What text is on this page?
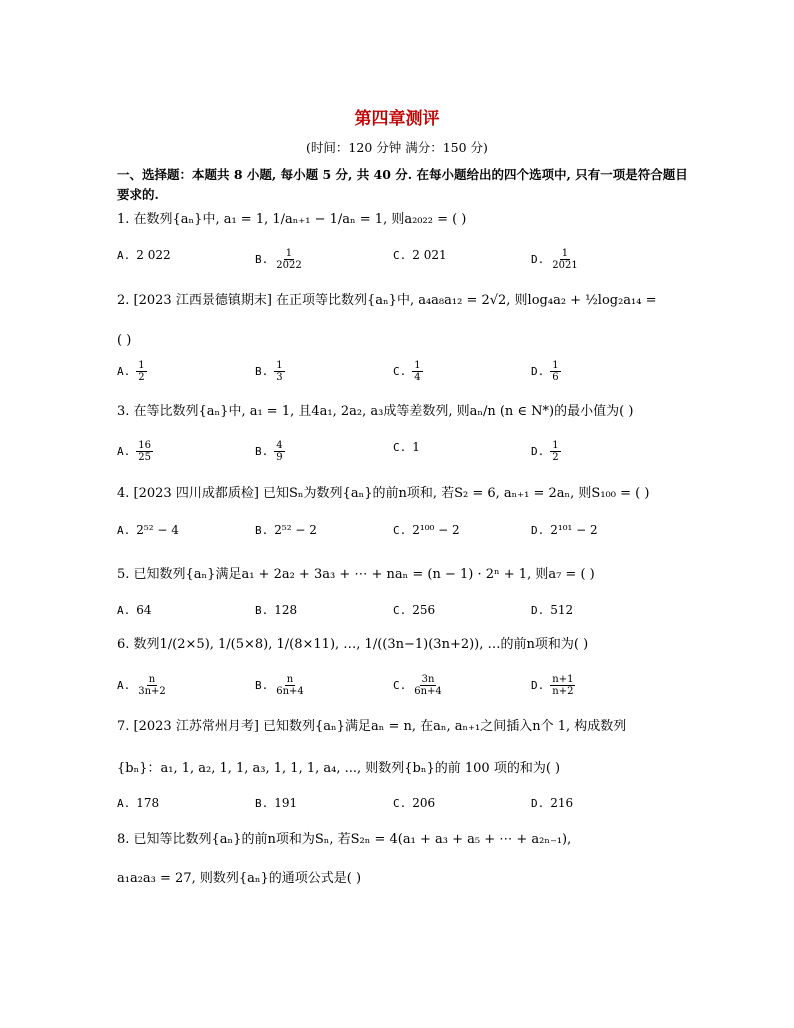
第四章测评
(时间：120 分钟 满分：150 分)
一、选择题：本题共 8 小题, 每小题 5 分, 共 40 分. 在每小题给出的四个选项中, 只有一项是符合题目要求的.
1. 在数列{aₙ}中, a₁ = 1, 1/aₙ₊₁ − 1/aₙ = 1, 则a₂₀₂₂ = ( )
A. 2 022	B. $\frac{1}{2022}$	C. 2 021	D. $\frac{1}{2021}$
2. [2023 江西景德镇期末] 在正项等比数列{aₙ}中, a₄a₈a₁₂ = 2√2, 则log₄a₂ + ½log₂a₁₄ =
( )
A. $\frac{1}{2}$	B. $\frac{1}{3}$	C. $\frac{1}{4}$	D. $\frac{1}{6}$
3. 在等比数列{aₙ}中, a₁ = 1, 且4a₁, 2a₂, a₃成等差数列, 则aₙ/n (n ∈ N*)的最小值为( )
A. $\frac{16}{25}$	B. $\frac{4}{9}$	C. 1	D. $\frac{1}{2}$
4. [2023 四川成都质检] 已知Sₙ为数列{aₙ}的前n项和, 若S₂ = 6, aₙ₊₁ = 2aₙ, 则S₁₀₀ = ( )
A. 2⁵² − 4	B. 2⁵² − 2	C. 2¹⁰⁰ − 2	D. 2¹⁰¹ − 2
5. 已知数列{aₙ}满足a₁ + 2a₂ + 3a₃ + ⋯ + naₙ = (n − 1) · 2ⁿ + 1, 则a₇ = ( )
A. 64	B. 128	C. 256	D. 512
6. 数列1/(2×5), 1/(5×8), 1/(8×11), …, 1/((3n−1)(3n+2)), …的前n项和为( )
A. $\frac{n}{3n+2}$	B. $\frac{n}{6n+4}$	C. $\frac{3n}{6n+4}$	D. $\frac{n+1}{n+2}$
7. [2023 江苏常州月考] 已知数列{aₙ}满足aₙ = n, 在aₙ, aₙ₊₁之间插入n个 1, 构成数列
{bₙ}：a₁, 1, a₂, 1, 1, a₃, 1, 1, 1, a₄, ..., 则数列{bₙ}的前 100 项的和为( )
A. 178	B. 191	C. 206	D. 216
8. 已知等比数列{aₙ}的前n项和为Sₙ, 若S₂ₙ = 4(a₁ + a₃ + a₅ + ⋯ + a₂ₙ₋₁),
a₁a₂a₃ = 27, 则数列{aₙ}的通项公式是( )
